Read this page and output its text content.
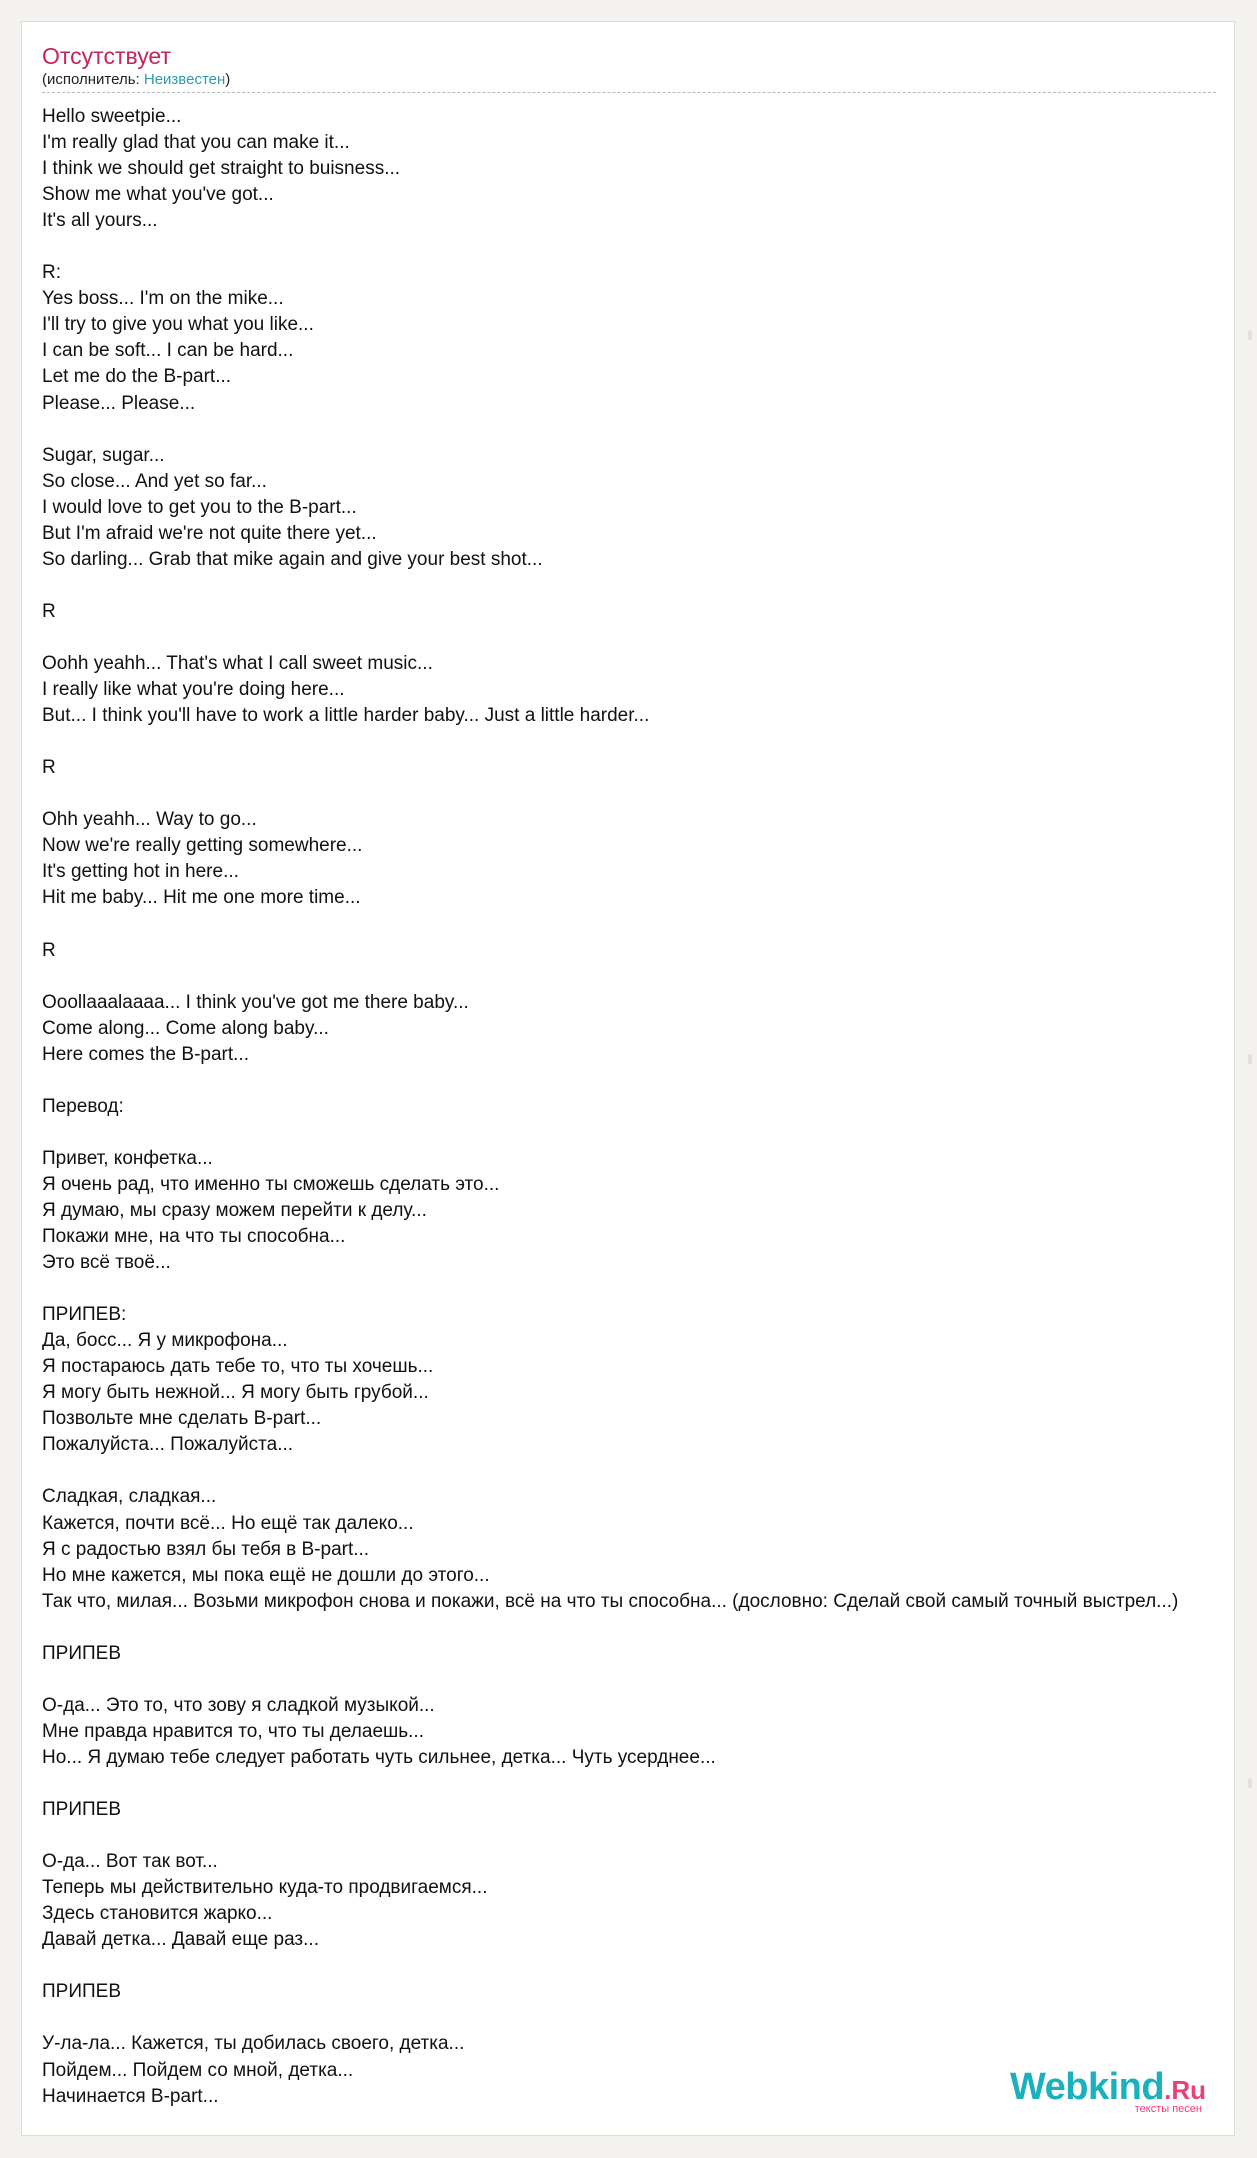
Отсутствует
(исполнитель: Неизвестен)
Hello sweetpie...
I'm really glad that you can make it...
I think we should get straight to buisness...
Show me what you've got...
It's all yours...
R:
Yes boss... I'm on the mike...
I'll try to give you what you like...
I can be soft... I can be hard...
Let me do the B-part...
Please... Please...
Sugar, sugar...
So close... And yet so far...
I would love to get you to the B-part...
But I'm afraid we're not quite there yet...
So darling... Grab that mike again and give your best shot...
R
Oohh yeahh... That's what I call sweet music...
I really like what you're doing here...
But... I think you'll have to work a little harder baby... Just a little harder...
R
Ohh yeahh... Way to go...
Now we're really getting somewhere...
It's getting hot in here...
Hit me baby... Hit me one more time...
R
Ooollaaalaaaa... I think you've got me there baby...
Come along... Come along baby...
Here comes the B-part...
Перевод:
Привет, конфетка...
Я очень рад, что именно ты сможешь сделать это...
Я думаю, мы сразу можем перейти к делу...
Покажи мне, на что ты способна...
Это всё твоё...
ПРИПЕВ:
Да, босс... Я у микрофона...
Я постараюсь дать тебе то, что ты хочешь...
Я могу быть нежной... Я могу быть грубой...
Позвольте мне сделать B-part...
Пожалуйста... Пожалуйста...
Сладкая, сладкая...
Кажется, почти всё... Но ещё так далеко...
Я с радостью взял бы тебя в B-part...
Но мне кажется, мы пока ещё не дошли до этого...
Так что, милая... Возьми микрофон снова и покажи, всё на что ты способна... (дословно: Сделай свой самый точный выстрел...)
ПРИПЕВ
О-да... Это то, что зову я сладкой музыкой...
Мне правда нравится то, что ты делаешь...
Но... Я думаю тебе следует работать чуть сильнее, детка... Чуть усерднее...
ПРИПЕВ
О-да... Вот так вот...
Теперь мы действительно куда-то продвигаемся...
Здесь становится жарко...
Давай детка... Давай еще раз...
ПРИПЕВ
У-ла-ла... Кажется, ты добилась своего, детка...
Пойдем... Пойдем со мной, детка...
Начинается B-part...	Webkind.Ru
тексты песен
